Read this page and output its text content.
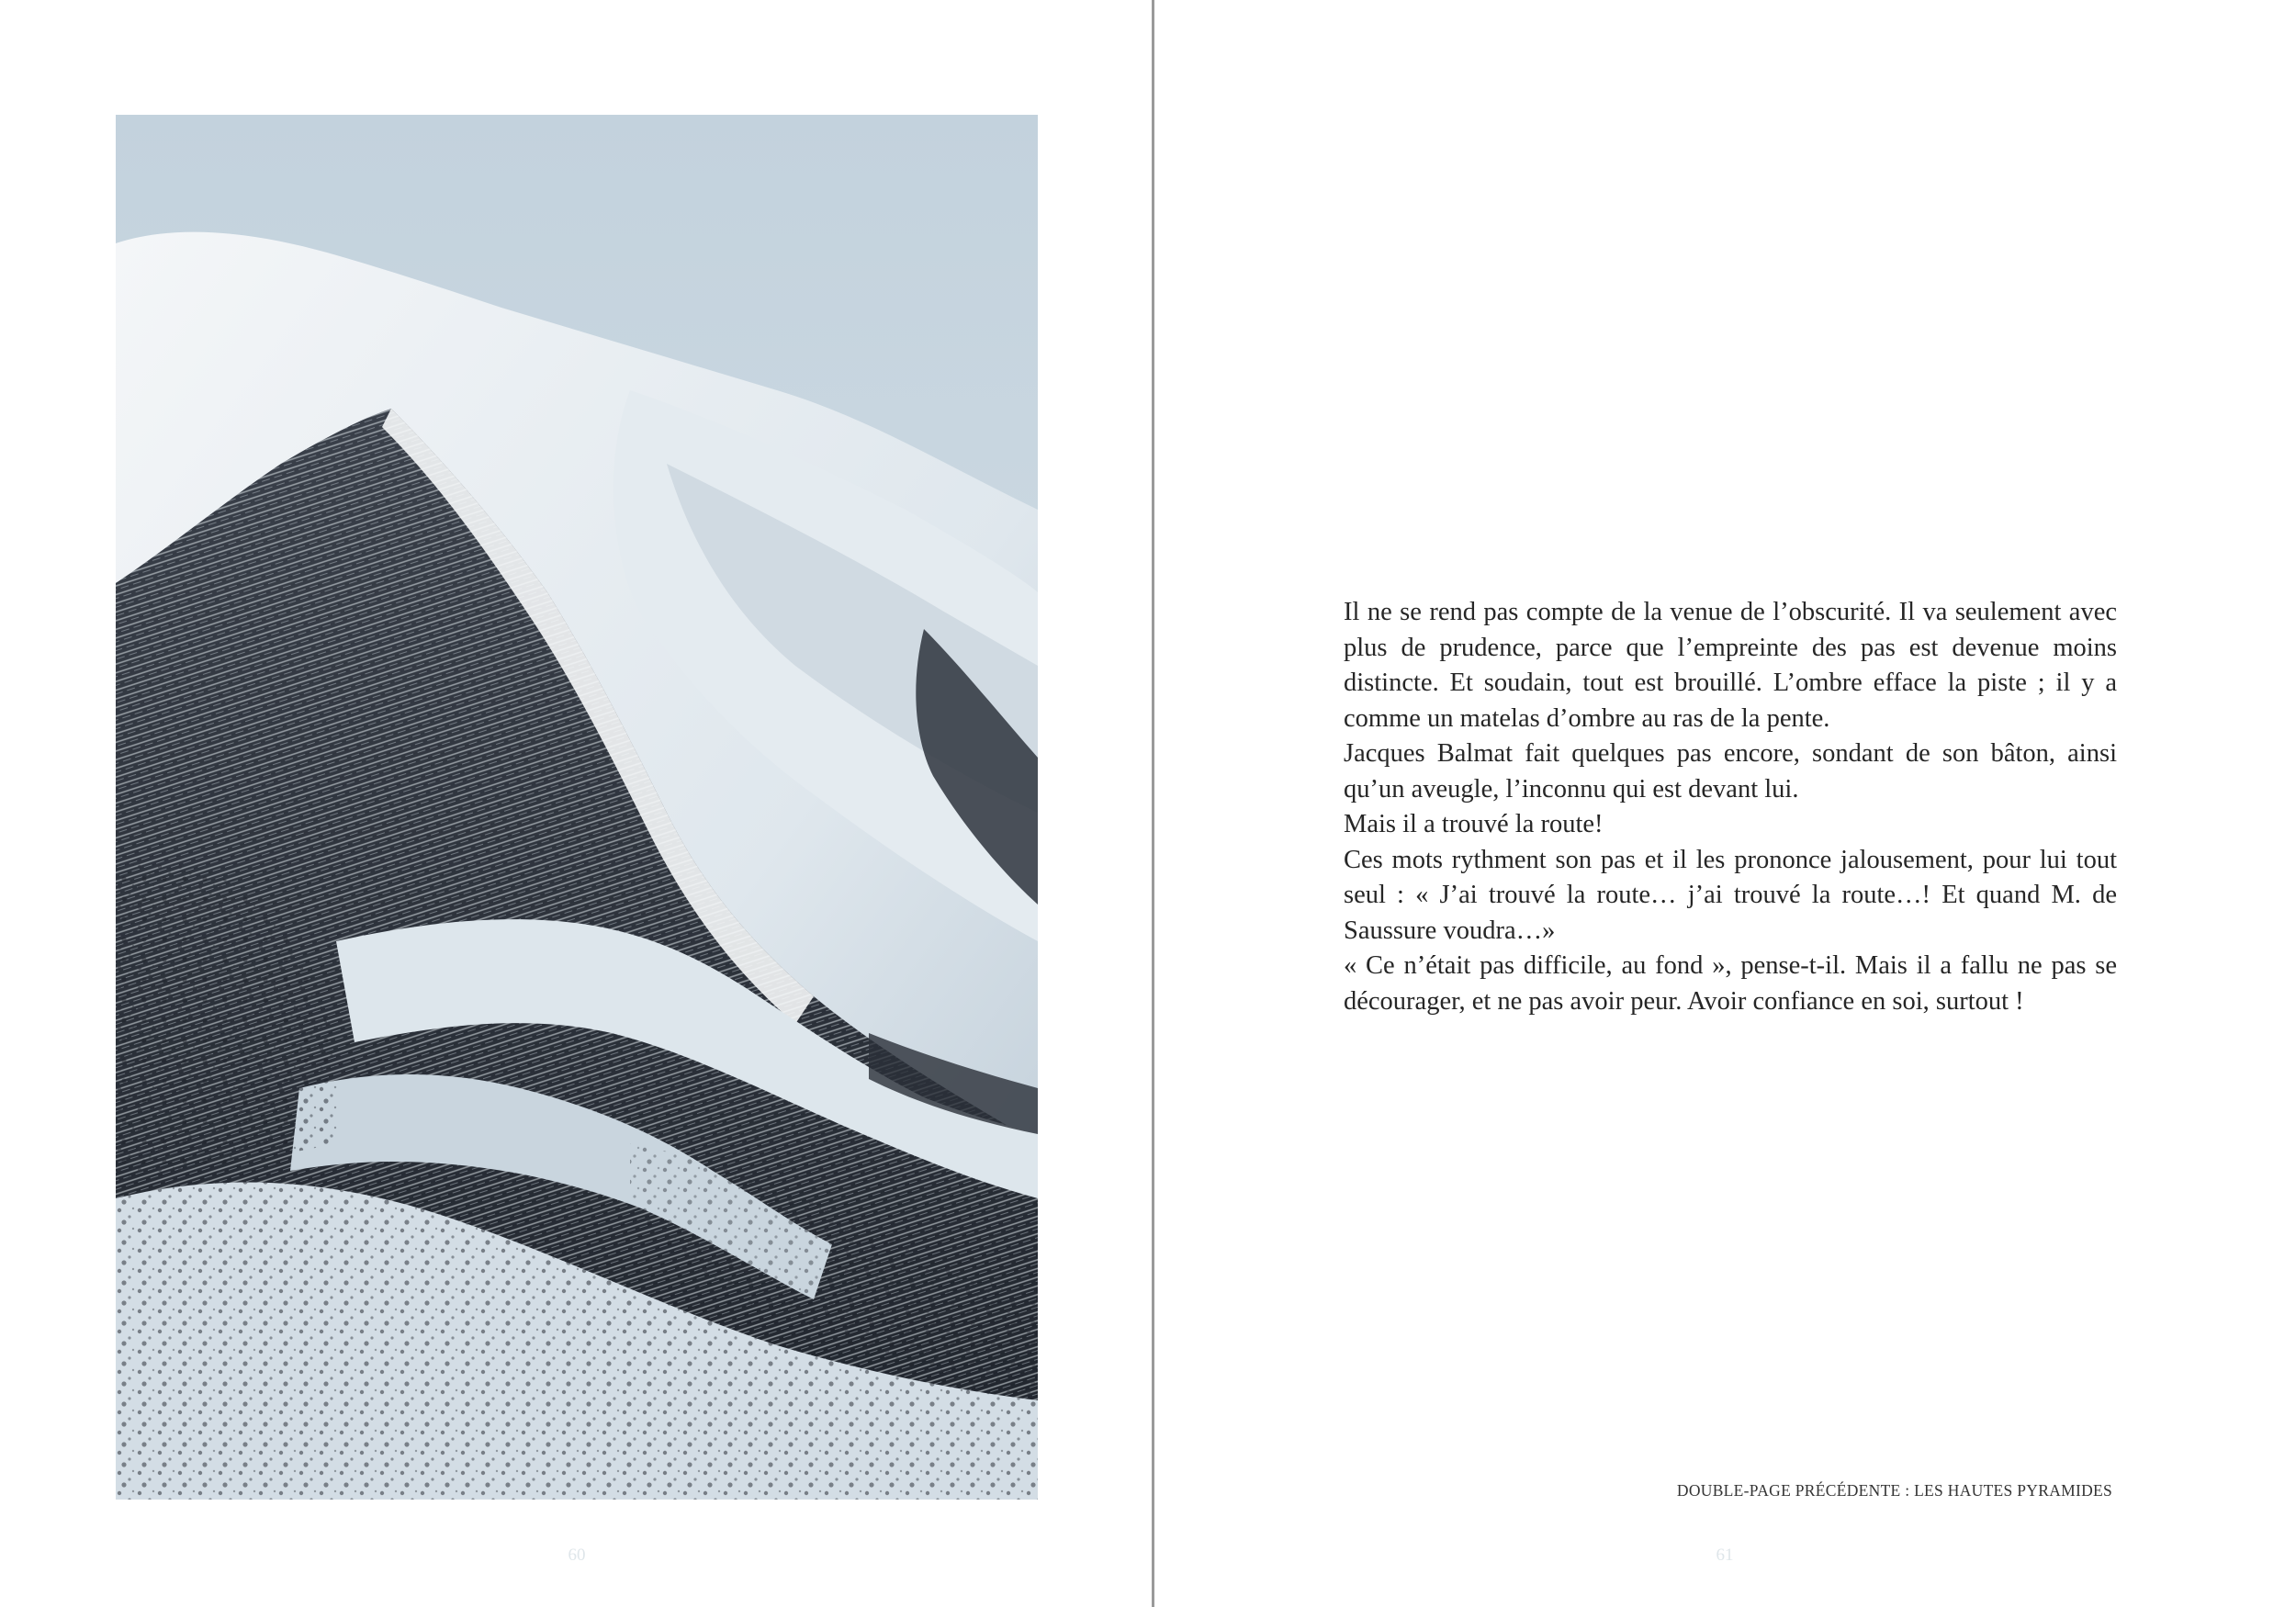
60

Il ne se rend pas compte de la venue de l’obscurité. Il va seulement avec plus de prudence, parce que l’empreinte des pas est devenue moins distincte. Et soudain, tout est brouillé. L’ombre efface la piste ; il y a comme un matelas d’ombre au ras de la pente.

Jacques Balmat fait quelques pas encore, sondant de son bâton, ainsi qu’un aveugle, l’inconnu qui est devant lui.

Mais il a trouvé la route!

Ces mots rythment son pas et il les prononce jalousement, pour lui tout seul : « J’ai trouvé la route… j’ai trouvé la route…! Et quand M. de Saussure voudra…»

« Ce n’était pas difficile, au fond », pense-t-il. Mais il a fallu ne pas se décourager, et ne pas avoir peur. Avoir confiance en soi, surtout !

DOUBLE-PAGE PRÉCÉDENTE : LES HAUTES PYRAMIDES
61
